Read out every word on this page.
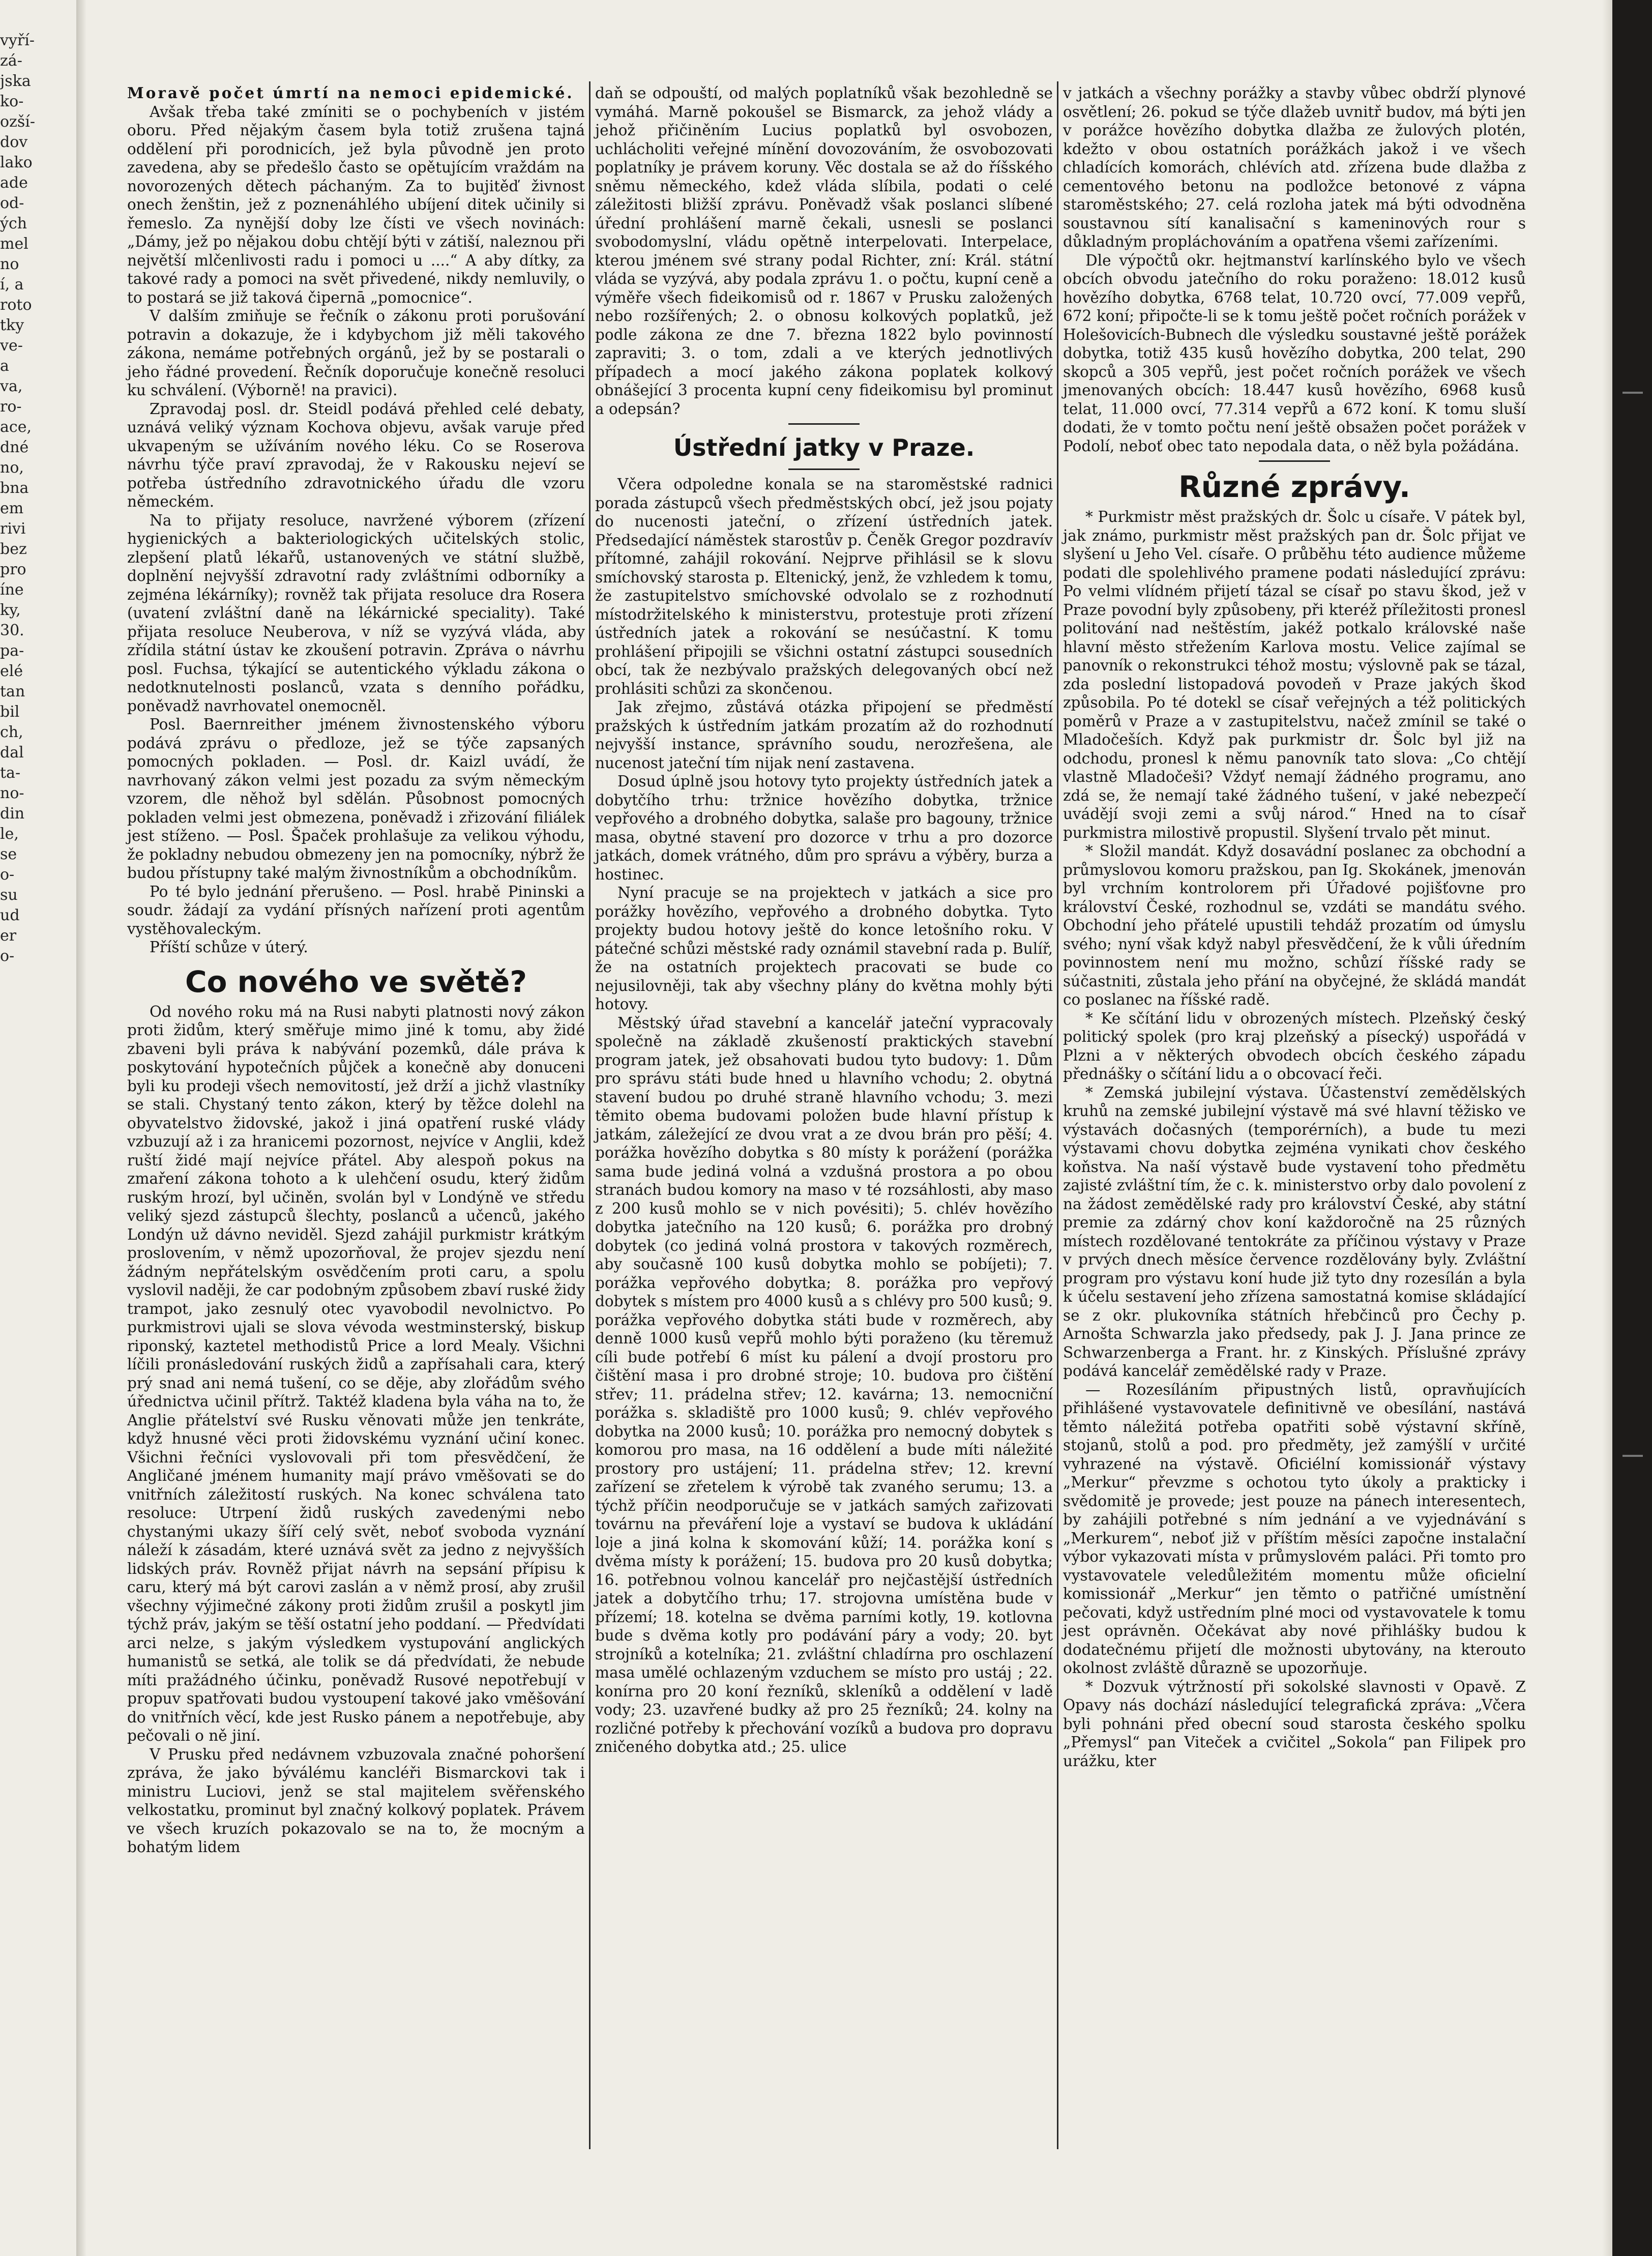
vyří-
zá-
jska
ko-
ozší-
dov
lako
ade
od-
ých
mel
no
í, a
roto
tky
ve-
a
va,
ro-
ace,
dné
no,
bna
em
rivi
bez
pro
íne
ky,
30.
pa-
elé
tan
bil
ch,
dal
ta-
no-
din
le,
se
o-
su
ud
er
o-

Moravě počet úmrtí na nemoci epidemické.

Avšak třeba také zmíniti se o pochybeních v jistém oboru. Před nějakým časem byla totiž zrušena tajná oddělení při porodnicích, jež byla původně jen proto zavedena, aby se předešlo často se opětujícím vraždám na novorozených dětech páchaným. Za to bujitěď živnost onech ženštin, jež z poznenáhlého ubíjení ditek učinily si řemeslo. Za nynější doby lze čísti ve všech novinách: „Dámy, jež po nějakou dobu chtějí býti v zátiší, naleznou při největší mlčenlivosti radu i pomoci u ....“ A aby dítky, za takové rady a pomoci na svět přivedené, nikdy nemluvily, o to postará se již taková čipernā „pomocnice“.

V dalším zmiňuje se řečník o zákonu proti porušování potravin a dokazuje, že i kdybychom již měli takového zákona, nemáme potřebných orgánů, jež by se postarali o jeho řádné provedení. Řečník doporučuje konečně resoluci ku schválení. (Výborně! na pravici).

Zpravodaj posl. dr. Steidl podává přehled celé debaty, uznává veliký význam Kochova objevu, avšak varuje před ukvapeným se užíváním nového léku. Co se Roserova návrhu týče praví zpravodaj, že v Rakousku nejeví se potřeba ústředního zdravotnického úřadu dle vzoru německém.

Na to přijaty resoluce, navržené výborem (zřízení hygienických a bakteriologických učitelských stolic, zlepšení platů lékařů, ustanovených ve státní službě, doplnění nejvyšší zdravotní rady zvláštními odborníky a zejména lékárníky); rovněž tak přijata resoluce dra Rosera (uvatení zvláštní daně na lékárnické speciality). Také přijata resoluce Neuberova, v níž se vyzývá vláda, aby zřídila státní ústav ke zkoušení potravin. Zpráva o návrhu posl. Fuchsa, týkající se autentického výkladu zákona o nedotknutelnosti poslanců, vzata s denního pořádku, poněvadž navrhovatel onemocněl.

Posl. Baernreither jménem živnostenského výboru podává zprávu o předloze, jež se týče zapsaných pomocných pokladen. — Posl. dr. Kaizl uvádí, že navrhovaný zákon velmi jest pozadu za svým německým vzorem, dle něhož byl sdělán. Působnost pomocných pokladen velmi jest obmezena, poněvadž i zřizování filiálek jest stíženo. — Posl. Špaček prohlašuje za velikou výhodu, že pokladny nebudou obmezeny jen na pomocníky, nýbrž že budou přístupny také malým živnostníkům a obchodníkům.

Po té bylo jednání přerušeno. — Posl. hrabě Pininski a soudr. žádají za vydání přísných nařízení proti agentům vystěhovaleckým.

Příští schůze v úterý.

Co nového ve světě?

Od nového roku má na Rusi nabyti platnosti nový zákon proti židům, který směřuje mimo jiné k tomu, aby židé zbaveni byli práva k nabývání pozemků, dále práva k poskytování hypotečních půjček a konečně aby donuceni byli ku prodeji všech nemovitostí, jež drží a jichž vlastníky se stali. Chystaný tento zákon, který by těžce dolehl na obyvatelstvo židovské, jakož i jiná opatření ruské vlády vzbuzují až i za hranicemi pozornost, nejvíce v Anglii, kdež ruští židé mají nejvíce přátel. Aby alespoň pokus na zmaření zákona tohoto a k ulehčení osudu, který židům ruským hrozí, byl učiněn, svolán byl v Londýně ve středu veliký sjezd zástupců šlechty, poslanců a učenců, jakého Londýn už dávno neviděl. Sjezd zahájil purkmistr krátkým proslovením, v němž upozorňoval, že projev sjezdu není žádným nepřátelským osvědčením proti caru, a spolu vyslovil naději, že car podobným způsobem zbaví ruské židy trampot, jako zesnulý otec vyavobodil nevolnictvo. Po purkmistrovi ujali se slova vévoda westminsterský, biskup riponský, kaztetel methodistů Price a lord Mealy. Všichni líčili pronásledování ruských židů a zapřísahali cara, který prý snad ani nemá tušení, co se děje, aby zlořádům svého úřednictva učinil přítrž. Taktéž kladena byla váha na to, že Anglie přátelství své Rusku věnovati může jen tenkráte, když hnusné věci proti židovskému vyznání učiní konec. Všichni řečníci vyslovovali při tom přesvědčení, že Angličané jménem humanity mají právo vměšovati se do vnitřních záležitostí ruských. Na konec schválena tato resoluce: Utrpení židů ruských zavedenými nebo chystanými ukazy šíří celý svět, neboť svoboda vyznání náleží k zásadám, které uznává svět za jedno z nejvyšších lidských práv. Rovněž přijat návrh na sepsání přípisu k caru, který má být carovi zaslán a v němž prosí, aby zrušil všechny výjimečné zákony proti židům zrušil a poskytl jim týchž práv, jakým se těší ostatní jeho poddaní. — Předvídati arci nelze, s jakým výsledkem vystupování anglických humanistů se setká, ale tolik se dá předvídati, že nebude míti pražádného účinku, poněvadž Rusové nepotřebují v propuv spatřovati budou vystoupení takové jako vměšování do vnitřních věcí, kde jest Rusko pánem a nepotřebuje, aby pečovali o ně jiní.

V Prusku před nedávnem vzbuzovala značné pohoršení zpráva, že jako býválému kancléři Bismarckovi tak i ministru Luciovi, jenž se stal majitelem svěřenského velkostatku, prominut byl značný kolkový poplatek. Právem ve všech kruzích pokazovalo se na to, že mocným a bohatým lidem

daň se odpouští, od malých poplatníků však bezohledně se vymáhá. Marně pokoušel se Bismarck, za jehož vlády a jehož přičiněním Lucius poplatků byl osvobozen, uchlácholiti veřejné mínění dovozováním, že osvobozovati poplatníky je právem koruny. Věc dostala se až do říšského sněmu německého, kdež vláda slíbila, podati o celé záležitosti bližší zprávu. Poněvadž však poslanci slíbené úřední prohlášení marně čekali, usnesli se poslanci svobodomyslní, vládu opětně interpelovati. Interpelace, kterou jménem své strany podal Richter, zní: Král. státní vláda se vyzývá, aby podala zprávu 1. o počtu, kupní ceně a výměře všech fideikomisů od r. 1867 v Prusku založených nebo rozšířených; 2. o obnosu kolkových poplatků, jež podle zákona ze dne 7. března 1822 bylo povinností zapraviti; 3. o tom, zdali a ve kterých jednotlivých případech a mocí jakého zákona poplatek kolkový obnášející 3 procenta kupní ceny fideikomisu byl prominut a odepsán?

Ústřední jatky v Praze.

Včera odpoledne konala se na staroměstské radnici porada zástupců všech předměstských obcí, jež jsou pojaty do nucenosti jateční, o zřízení ústředních jatek. Předsedající náměstek starostův p. Čeněk Gregor pozdravív přítomné, zahájil rokování. Nejprve přihlásil se k slovu smíchovský starosta p. Eltenický, jenž, že vzhledem k tomu, že zastupitelstvo smíchovské odvolalo se z rozhodnutí místodržitelského k ministerstvu, protestuje proti zřízení ústředních jatek a rokování se nesúčastní. K tomu prohlášení připojili se všichni ostatní zástupci sousedních obcí, tak že nezbývalo pražských delegovaných obcí než prohlásiti schůzi za skončenou.

Jak zřejmo, zůstává otázka připojení se předměstí pražských k ústředním jatkám prozatím až do rozhodnutí nejvyšší instance, správního soudu, nerozřešena, ale nucenost jateční tím nijak není zastavena.

Dosud úplně jsou hotovy tyto projekty ústředních jatek a dobytčího trhu: tržnice hovězího dobytka, tržnice vepřového a drobného dobytka, salaše pro bagouny, tržnice masa, obytné stavení pro dozorce v trhu a pro dozorce jatkách, domek vrátného, dům pro správu a výběry, burza a hostinec.

Nyní pracuje se na projektech v jatkách a sice pro porážky hovězího, vepřového a drobného dobytka. Tyto projekty budou hotovy ještě do konce letošního roku. V pátečné schůzi městské rady oznámil stavební rada p. Bulíř, že na ostatních projektech pracovati se bude co nejusilovněji, tak aby všechny plány do května mohly býti hotovy.

Městský úřad stavební a kancelář jateční vypracovaly společně na základě zkušeností praktických stavební program jatek, jež obsahovati budou tyto budovy: 1. Dům pro správu státi bude hned u hlavního vchodu; 2. obytná stavení budou po druhé straně hlavního vchodu; 3. mezi těmito obema budovami položen bude hlavní přístup k jatkám, záležející ze dvou vrat a ze dvou brán pro pěší; 4. porážka hovězího dobytka s 80 místy k porážení (porážka sama bude jediná volná a vzdušná prostora a po obou stranách budou komory na maso v té rozsáhlosti, aby maso z 200 kusů mohlo se v nich povésiti); 5. chlév hovězího dobytka jatečního na 120 kusů; 6. porážka pro drobný dobytek (co jediná volná prostora v takových rozměrech, aby současně 100 kusů dobytka mohlo se pobíjeti); 7. porážka vepřového dobytka; 8. porážka pro vepřový dobytek s místem pro 4000 kusů a s chlévy pro 500 kusů; 9. porážka vepřového dobytka státi bude v rozměrech, aby denně 1000 kusů vepřů mohlo býti poraženo (ku těremuž cíli bude potřebí 6 míst ku pálení a dvojí prostoru pro čištění masa i pro drobné stroje; 10. budova pro čištění střev; 11. prádelna střev; 12. kavárna; 13. nemocniční porážka s. skladiště pro 1000 kusů; 9. chlév vepřového dobytka na 2000 kusů; 10. porážka pro nemocný dobytek s komorou pro masa, na 16 oddělení a bude míti náležité prostory pro ustájení; 11. prádelna střev; 12. krevní zařízení se zřetelem k výrobě tak zvaného serumu; 13. a týchž příčin neodporučuje se v jatkách samých zařizovati továrnu na převáření loje a vystaví se budova k ukládání loje a jiná kolna k skomování kůží; 14. porážka koní s dvěma místy k porážení; 15. budova pro 20 kusů dobytka; 16. potřebnou volnou kancelář pro nejčastější ústředních jatek a dobytčího trhu; 17. strojovna umístěna bude v přízemí; 18. kotelna se dvěma parními kotly, 19. kotlovna bude s dvěma kotly pro podávání páry a vody; 20. byt strojníků a kotelníka; 21. zvláštní chladírna pro oschlazení masa umělé ochlazeným vzduchem se místo pro ustáj ; 22. konírna pro 20 koní řezníků, skleníků a oddělení v ladě vody; 23. uzavřené budky až pro 25 řezníků; 24. kolny na rozličné potřeby k přechování vozíků a budova pro dopravu zničeného dobytka atd.; 25. ulice

v jatkách a všechny porážky a stavby vůbec obdrží plynové osvětlení; 26. pokud se týče dlažeb uvnitř budov, má býti jen v porážce hovězího dobytka dlažba ze žulových plotén, kdežto v obou ostatních porážkách jakož i ve všech chladících komorách, chlévích atd. zřízena bude dlažba z cementového betonu na podložce betonové z vápna staroměstského; 27. celá rozloha jatek má býti odvodněna soustavnou sítí kanalisační s kameninových rour s důkladným propláchováním a opatřena všemi zařízeními.

Dle výpočtů okr. hejtmanství karlínského bylo ve všech obcích obvodu jatečního do roku poraženo: 18.012 kusů hovězího dobytka, 6768 telat, 10.720 ovcí, 77.009 vepřů, 672 koní; připočte-li se k tomu ještě počet ročních porážek v Holešovicích-Bubnech dle výsledku soustavné ještě porážek dobytka, totiž 435 kusů hovězího dobytka, 200 telat, 290 skopců a 305 vepřů, jest počet ročních porážek ve všech jmenovaných obcích: 18.447 kusů hovězího, 6968 kusů telat, 11.000 ovcí, 77.314 vepřů a 672 koní. K tomu sluší dodati, že v tomto počtu není ještě obsažen počet porážek v Podolí, neboť obec tato nepodala data, o něž byla požádána.

Různé zprávy.

* Purkmistr měst pražských dr. Šolc u císaře. V pátek byl, jak známo, purkmistr měst pražských pan dr. Šolc přijat ve slyšení u Jeho Vel. císaře. O průběhu této audience můžeme podati dle spolehlivého pramene podati následující zprávu: Po velmi vlídném přijetí tázal se císař po stavu škod, jež v Praze povodní byly způsobeny, při kteréž příležitosti pronesl politování nad neštěstím, jakéž potkalo královské naše hlavní město střežením Karlova mostu. Velice zajímal se panovník o rekonstrukci téhož mostu; výslovně pak se tázal, zda poslední listopadová povodeň v Praze jakých škod způsobila. Po té dotekl se císař veřejných a též politických poměrů v Praze a v zastupitelstvu, načež zmínil se také o Mladočeších. Když pak purkmistr dr. Šolc byl již na odchodu, pronesl k němu panovník tato slova: „Co chtějí vlastně Mladočeši? Vždyť nemají žádného programu, ano zdá se, že nemají také žádného tušení, v jaké nebezpečí uvádějí svoji zemi a svůj národ.“ Hned na to císař purkmistra milostivě propustil. Slyšení trvalo pět minut.

* Složil mandát. Když dosavádní poslanec za obchodní a průmyslovou komoru pražskou, pan Ig. Skokánek, jmenován byl vrchním kontrolorem při Úřadové pojišťovne pro království České, rozhodnul se, vzdáti se mandátu svého. Obchodní jeho přátelé upustili tehdáž prozatím od úmyslu svého; nyní však když nabyl přesvědčení, že k vůli úředním povinnostem není mu možno, schůzí říšské rady se súčastniti, zůstala jeho přání na obyčejné, že skládá mandát co poslanec na říšské radě.

* Ke sčítání lidu v obrozených místech. Plzeňský český politický spolek (pro kraj plzeňský a písecký) uspořádá v Plzni a v některých obvodech obcích českého západu přednášky o sčítání lidu a o obcovací řeči.

* Zemská jubilejní výstava. Účastenství zemědělských kruhů na zemské jubilejní výstavě má své hlavní těžisko ve výstavách dočasných (temporérních), a bude tu mezi výstavami chovu dobytka zejména vynikati chov českého koňstva. Na naší výstavě bude vystavení toho předmětu zajisté zvláštní tím, že c. k. ministerstvo orby dalo povolení z na žádost zemědělské rady pro království České, aby státní premie za zdárný chov koní každoročně na 25 různých místech rozdělované tentokráte za příčinou výstavy v Praze v prvých dnech měsíce července rozdělovány byly. Zvláštní program pro výstavu koní hude již tyto dny rozesílán a byla k účelu sestavení jeho zřízena samostatná komise skládající se z okr. plukovníka státních hřebčinců pro Čechy p. Arnošta Schwarzla jako předsedy, pak J. J. Jana prince ze Schwarzenberga a Frant. hr. z Kinských. Příslušné zprávy podává kancelář zemědělské rady v Praze.

— Rozesíláním připustných listů, opravňujících přihlášené vystavovatele definitivně ve obesílání, nastává těmto náležitá potřeba opatřiti sobě výstavní skříně, stojanů, stolů a pod. pro předměty, jež zamýšlí v určité vyhrazené na výstavě. Oficiélní komissionář výstavy „Merkur“ převzme s ochotou tyto úkoly a prakticky i svědomitě je provede; jest pouze na pánech interesentech, by zahájili potřebné s ním jednání a ve vyjednávání s „Merkurem“, neboť již v příštím měsíci započne instalační výbor vykazovati místa v průmyslovém paláci. Při tomto pro vystavovatele veledůležitém momentu může oficielní komissionář „Merkur“ jen těmto o patřičné umístnění pečovati, když ustředním plné moci od vystavovatele k tomu jest oprávněn. Očekávat aby nové přihlášky budou k dodatečnému přijetí dle možnosti ubytovány, na kterouto okolnost zvláště důrazně se upozorňuje.

* Dozvuk výtržností při sokolské slavnosti v Opavě. Z Opavy nás dochází následující telegrafická zpráva: „Včera byli pohnáni před obecní soud starosta českého spolku „Přemysl“ pan Viteček a cvičitel „Sokola“ pan Filipek pro urážku, kter
